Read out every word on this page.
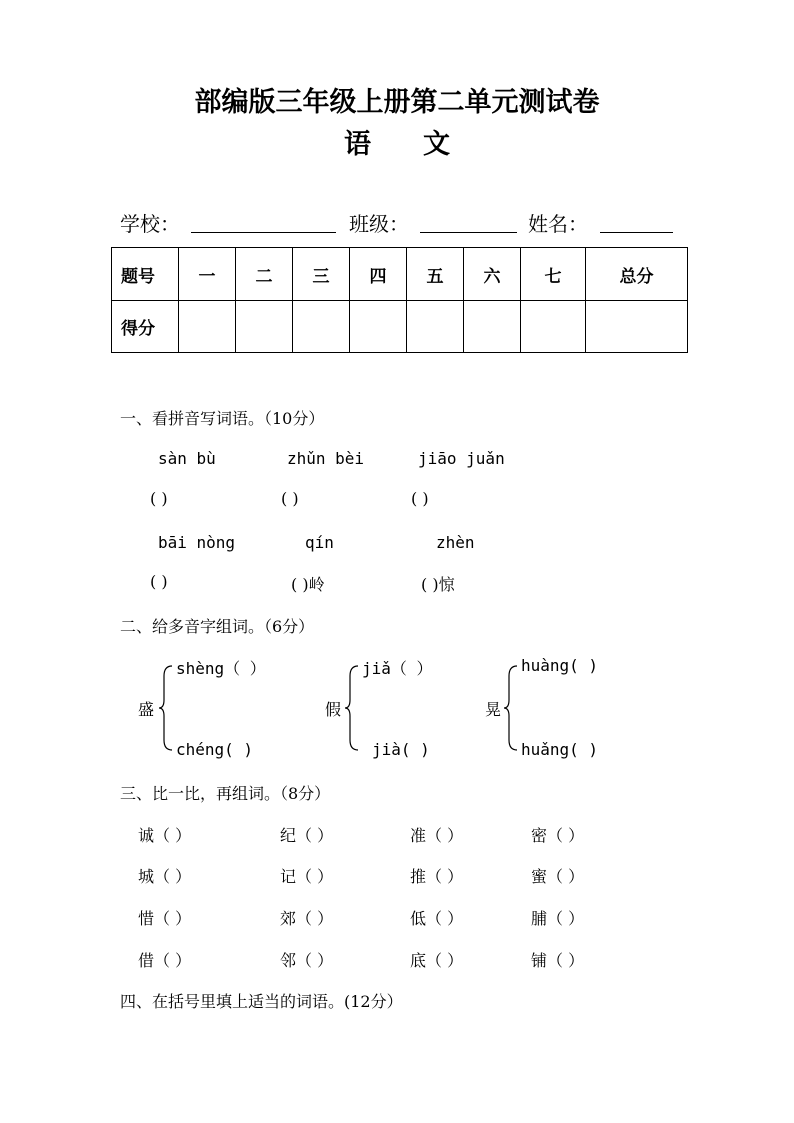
部编版三年级上册第二单元测试卷
语 文
学校：	班级：	姓名：
题号	一	二	三	四	五	六	七	总分
得分								
一、看拼音写词语。（10分）
sàn bù	zhǔn bèi	jiāo juǎn
( )	( )	( )
bāi nòng	qín	zhèn
( )	( )岭	( )惊
二、给多音字组词。（6分）
盛
shèng（ ）
chéng( )
假
jiǎ（ ）
jià( )
晃
huàng( )
huǎng( )
三、比一比，再组词。（8分）
诚（ ）	纪（ ）	准（ ）	密（ ）
城（ ）	记（ ）	推（ ）	蜜（ ）
惜（ ）	郊（ ）	低（ ）	脯（ ）
借（ ）	邻（ ）	底（ ）	铺（ ）
四、在括号里填上适当的词语。(12分）
